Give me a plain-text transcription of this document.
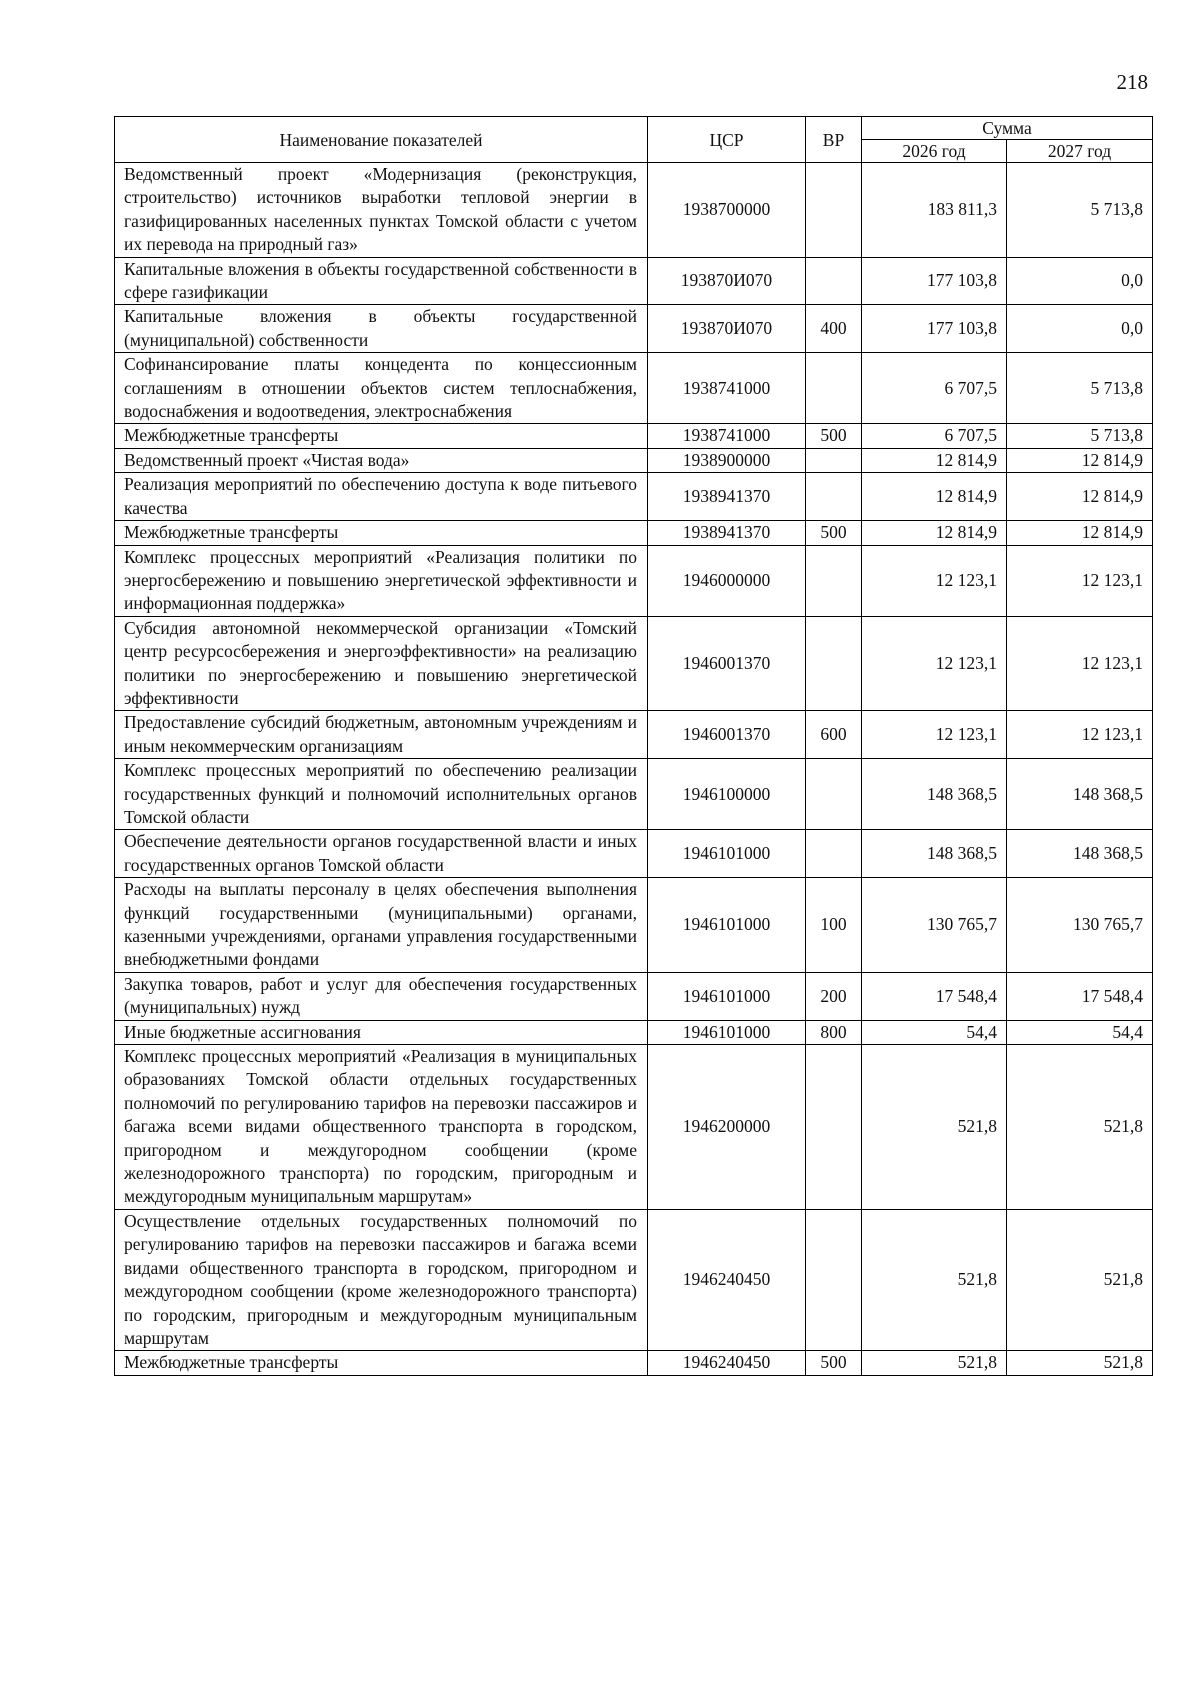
218
Наименование показателей	ЦСР	ВР	Сумма	
			2026 год	2027 год
Ведомственный проект «Модернизация (реконструкция, строительство) источников выработки тепловой энергии в газифицированных населенных пунктах Томской области с учетом их перевода на природный газ»	1938700000		183 811,3	5 713,8
Капитальные вложения в объекты государственной собственности в сфере газификации	193870И070		177 103,8	0,0
Капитальные вложения в объекты государственной (муниципальной) собственности	193870И070	400	177 103,8	0,0
Софинансирование платы концедента по концессионным соглашениям в отношении объектов систем теплоснабжения, водоснабжения и водоотведения, электроснабжения	1938741000		6 707,5	5 713,8
Межбюджетные трансферты	1938741000	500	6 707,5	5 713,8
Ведомственный проект «Чистая вода»	1938900000		12 814,9	12 814,9
Реализация мероприятий по обеспечению доступа к воде питьевого качества	1938941370		12 814,9	12 814,9
Межбюджетные трансферты	1938941370	500	12 814,9	12 814,9
Комплекс процессных мероприятий «Реализация политики по энергосбережению и повышению энергетической эффективности и информационная поддержка»	1946000000		12 123,1	12 123,1
Субсидия автономной некоммерческой организации «Томский центр ресурсосбережения и энергоэффективности» на реализацию политики по энергосбережению и повышению энергетической эффективности	1946001370		12 123,1	12 123,1
Предоставление субсидий бюджетным, автономным учреждениям и иным некоммерческим организациям	1946001370	600	12 123,1	12 123,1
Комплекс процессных мероприятий по обеспечению реализации государственных функций и полномочий исполнительных органов Томской области	1946100000		148 368,5	148 368,5
Обеспечение деятельности органов государственной власти и иных государственных органов Томской области	1946101000		148 368,5	148 368,5
Расходы на выплаты персоналу в целях обеспечения выполнения функций государственными (муниципальными) органами, казенными учреждениями, органами управления государственными внебюджетными фондами	1946101000	100	130 765,7	130 765,7
Закупка товаров, работ и услуг для обеспечения государственных (муниципальных) нужд	1946101000	200	17 548,4	17 548,4
Иные бюджетные ассигнования	1946101000	800	54,4	54,4
Комплекс процессных мероприятий «Реализация в муниципальных образованиях Томской области отдельных государственных полномочий по регулированию тарифов на перевозки пассажиров и багажа всеми видами общественного транспорта в городском, пригородном и междугородном сообщении (кроме железнодорожного транспорта) по городским, пригородным и междугородным муниципальным маршрутам»	1946200000		521,8	521,8
Осуществление отдельных государственных полномочий по регулированию тарифов на перевозки пассажиров и багажа всеми видами общественного транспорта в городском, пригородном и междугородном сообщении (кроме железнодорожного транспорта) по городским, пригородным и междугородным муниципальным маршрутам	1946240450		521,8	521,8
Межбюджетные трансферты	1946240450	500	521,8	521,8
